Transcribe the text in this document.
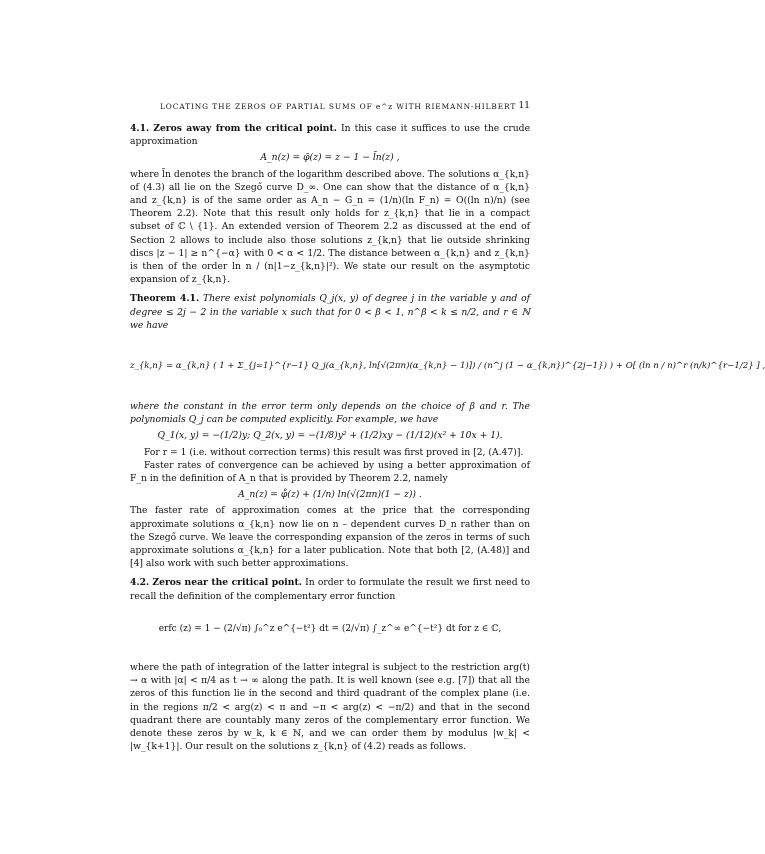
LOCATING THE ZEROS OF PARTIAL SUMS OF e^z WITH RIEMANN-HILBERT 11

4.1. Zeros away from the critical point. In this case it suffices to use the crude approximation

A_n(z) = φ̃(z) = z − 1 − l̃n(z) ,

where l̃n denotes the branch of the logarithm described above. The solutions α_{k,n} of (4.3) all lie on the Szegő curve D_∞. One can show that the distance of α_{k,n} and z_{k,n} is of the same order as A_n − G_n = (1/n)(ln F_n) = O((ln n)/n) (see Theorem 2.2). Note that this result only holds for z_{k,n} that lie in a compact subset of ℂ \ {1}. An extended version of Theorem 2.2 as discussed at the end of Section 2 allows to include also those solutions z_{k,n} that lie outside shrinking discs |z − 1| ≥ n^{−α} with 0 < α < 1/2. The distance between α_{k,n} and z_{k,n} is then of the order ln n / (n|1−z_{k,n}|²). We state our result on the asymptotic expansion of z_{k,n}.

Theorem 4.1. There exist polynomials Q_j(x, y) of degree j in the variable y and of degree ≤ 2j − 2 in the variable x such that for 0 < β < 1, n^β < k ≤ n/2, and r ∈ ℕ we have

z_{k,n} = α_{k,n} ( 1 + Σ_{j=1}^{r−1} Q_j(α_{k,n}, ln[√(2πn)(α_{k,n} − 1)]) / (n^j (1 − α_{k,n})^{2j−1}) ) + O[ (ln n / n)^r (n/k)^{r−1/2} ] ,

where the constant in the error term only depends on the choice of β and r. The polynomials Q_j can be computed explicitly. For example, we have

Q_1(x, y) = −(1/2)y; Q_2(x, y) = −(1/8)y² + (1/2)xy − (1/12)(x² + 10x + 1).

For r = 1 (i.e. without correction terms) this result was first proved in [2, (A.47)].

Faster rates of convergence can be achieved by using a better approximation of F_n in the definition of A_n that is provided by Theorem 2.2, namely

A_n(z) = φ̊(z) + (1/n) ln(√(2πn)(1 − z)) .

The faster rate of approximation comes at the price that the corresponding approximate solutions α_{k,n} now lie on n – dependent curves D_n rather than on the Szegő curve. We leave the corresponding expansion of the zeros in terms of such approximate solutions α_{k,n} for a later publication. Note that both [2, (A.48)] and [4] also work with such better approximations.

4.2. Zeros near the critical point. In order to formulate the result we first need to recall the definition of the complementary error function

erfc (z) = 1 − (2/√π) ∫₀^z e^{−t²} dt = (2/√π) ∫_z^∞ e^{−t²} dt for z ∈ ℂ,

where the path of integration of the latter integral is subject to the restriction arg(t) → α with |α| < π/4 as t → ∞ along the path. It is well known (see e.g. [7]) that all the zeros of this function lie in the second and third quadrant of the complex plane (i.e. in the regions π/2 < arg(z) < π and −π < arg(z) < −π/2) and that in the second quadrant there are countably many zeros of the complementary error function. We denote these zeros by w_k, k ∈ ℕ, and we can order them by modulus |w_k| < |w_{k+1}|. Our result on the solutions z_{k,n} of (4.2) reads as follows.
